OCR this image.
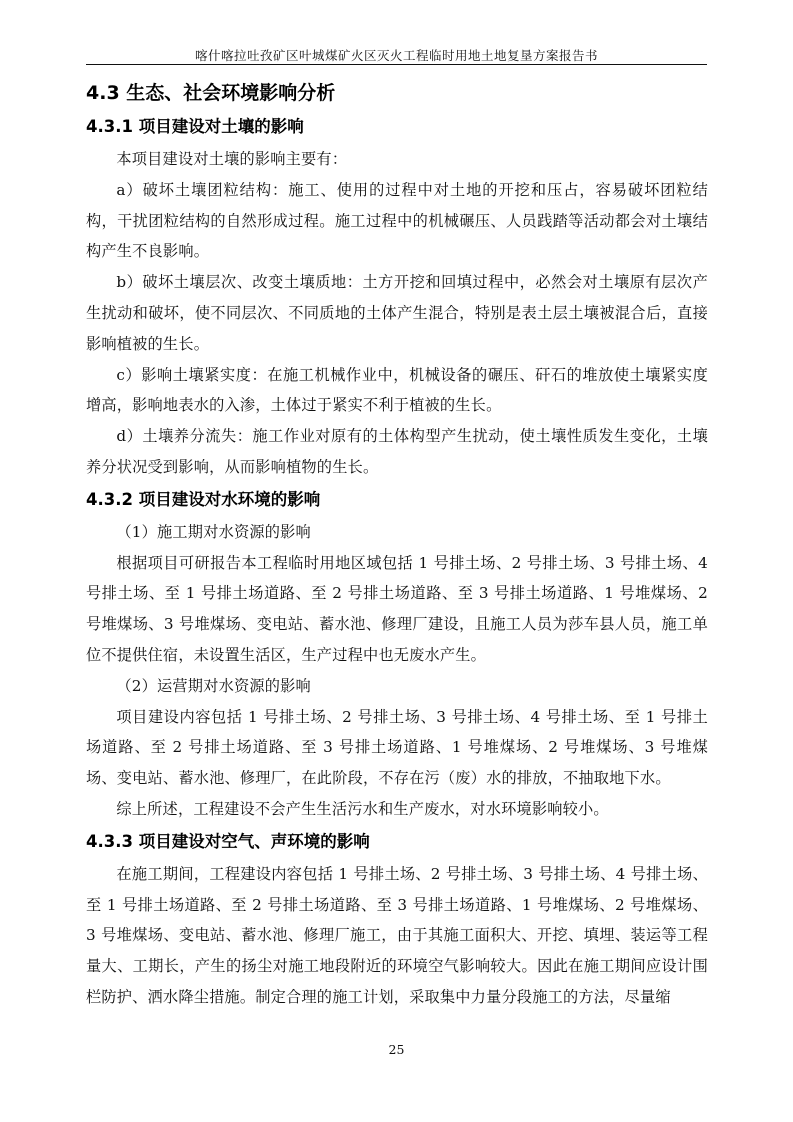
喀什喀拉吐孜矿区叶城煤矿火区灭火工程临时用地土地复垦方案报告书
4.3 生态、社会环境影响分析
4.3.1 项目建设对土壤的影响

本项目建设对土壤的影响主要有：

a）破坏土壤团粒结构：施工、使用的过程中对土地的开挖和压占，容易破坏团粒结构，干扰团粒结构的自然形成过程。施工过程中的机械碾压、人员践踏等活动都会对土壤结构产生不良影响。

b）破坏土壤层次、改变土壤质地：土方开挖和回填过程中，必然会对土壤原有层次产生扰动和破坏，使不同层次、不同质地的土体产生混合，特别是表土层土壤被混合后，直接影响植被的生长。

c）影响土壤紧实度：在施工机械作业中，机械设备的碾压、矸石的堆放使土壤紧实度增高，影响地表水的入渗，土体过于紧实不利于植被的生长。

d）土壤养分流失：施工作业对原有的土体构型产生扰动，使土壤性质发生变化，土壤养分状况受到影响，从而影响植物的生长。

4.3.2 项目建设对水环境的影响

（1）施工期对水资源的影响

根据项目可研报告本工程临时用地区域包括 1 号排土场、2 号排土场、3 号排土场、4 号排土场、至 1 号排土场道路、至 2 号排土场道路、至 3 号排土场道路、1 号堆煤场、2 号堆煤场、3 号堆煤场、变电站、蓄水池、修理厂建设，且施工人员为莎车县人员，施工单位不提供住宿，未设置生活区，生产过程中也无废水产生。

（2）运营期对水资源的影响

项目建设内容包括 1 号排土场、2 号排土场、3 号排土场、4 号排土场、至 1 号排土场道路、至 2 号排土场道路、至 3 号排土场道路、1 号堆煤场、2 号堆煤场、3 号堆煤场、变电站、蓄水池、修理厂，在此阶段，不存在污（废）水的排放，不抽取地下水。

综上所述，工程建设不会产生生活污水和生产废水，对水环境影响较小。

4.3.3 项目建设对空气、声环境的影响

在施工期间，工程建设内容包括 1 号排土场、2 号排土场、3 号排土场、4 号排土场、至 1 号排土场道路、至 2 号排土场道路、至 3 号排土场道路、1 号堆煤场、2 号堆煤场、3 号堆煤场、变电站、蓄水池、修理厂施工，由于其施工面积大、开挖、填埋、装运等工程量大、工期长，产生的扬尘对施工地段附近的环境空气影响较大。因此在施工期间应设计围栏防护、洒水降尘措施。制定合理的施工计划，采取集中力量分段施工的方法，尽量缩

25
